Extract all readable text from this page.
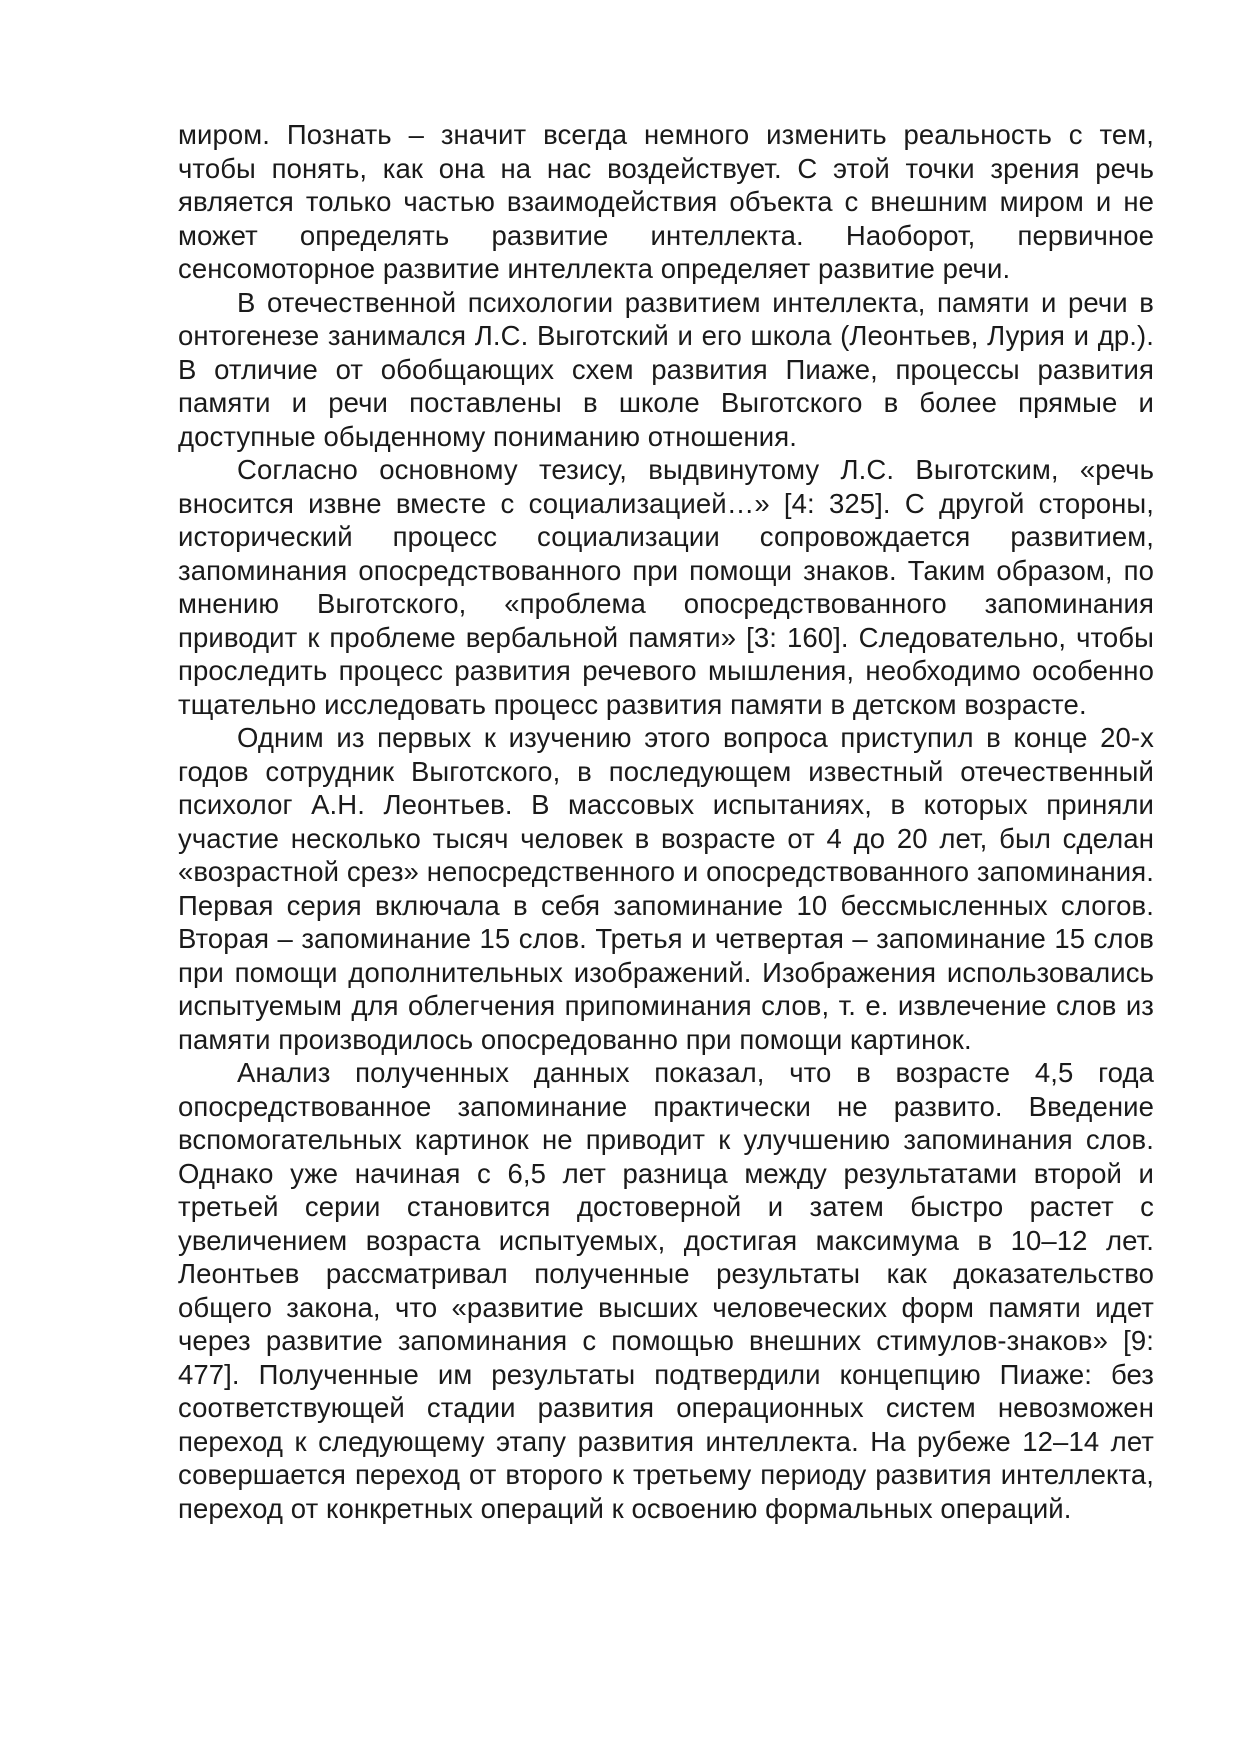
миром. Познать – значит всегда немного изменить реальность с тем, чтобы понять, как она на нас воздействует. С этой точки зрения речь является только частью взаимодействия объекта с внешним миром и не может определять развитие интеллекта. Наоборот, первичное сенсомоторное развитие интеллекта определяет развитие речи.

В отечественной психологии развитием интеллекта, памяти и речи в онтогенезе занимался Л.С. Выготский и его школа (Леонтьев, Лурия и др.). В отличие от обобщающих схем развития Пиаже, процессы развития памяти и речи поставлены в школе Выготского в более прямые и доступные обыденному пониманию отношения.

Согласно основному тезису, выдвинутому Л.С. Выготским, «речь вносится извне вместе с социализацией…» [4: 325]. С другой стороны, исторический процесс социализации сопровождается развитием, запоминания опосредствованного при помощи знаков. Таким образом, по мнению Выготского, «проблема опосредствованного запоминания приводит к проблеме вербальной памяти» [3: 160]. Следовательно, чтобы проследить процесс развития речевого мышления, необходимо особенно тщательно исследовать процесс развития памяти в детском возрасте.

Одним из первых к изучению этого вопроса приступил в конце 20-х годов сотрудник Выготского, в последующем известный отечественный психолог А.Н. Леонтьев. В массовых испытаниях, в которых приняли участие несколько тысяч человек в возрасте от 4 до 20 лет, был сделан «возрастной срез» непосредственного и опосредствованного запоминания. Первая серия включала в себя запоминание 10 бессмысленных слогов. Вторая – запоминание 15 слов. Третья и четвертая – запоминание 15 слов при помощи дополнительных изображений. Изображения использовались испытуемым для облегчения припоминания слов, т. е. извлечение слов из памяти производилось опосредованно при помощи картинок.

Анализ полученных данных показал, что в возрасте 4,5 года опосредствованное запоминание практически не развито. Введение вспомогательных картинок не приводит к улучшению запоминания слов. Однако уже начиная с 6,5 лет разница между результатами второй и третьей серии становится достоверной и затем быстро растет с увеличением возраста испытуемых, достигая максимума в 10–12 лет. Леонтьев рассматривал полученные результаты как доказательство общего закона, что «развитие высших человеческих форм памяти идет через развитие запоминания с помощью внешних стимулов-знаков» [9: 477]. Полученные им результаты подтвердили концепцию Пиаже: без соответствующей стадии развития операционных систем невозможен переход к следующему этапу развития интеллекта. На рубеже 12–14 лет совершается переход от второго к третьему периоду развития интеллекта, переход от конкретных операций к освоению формальных операций.
